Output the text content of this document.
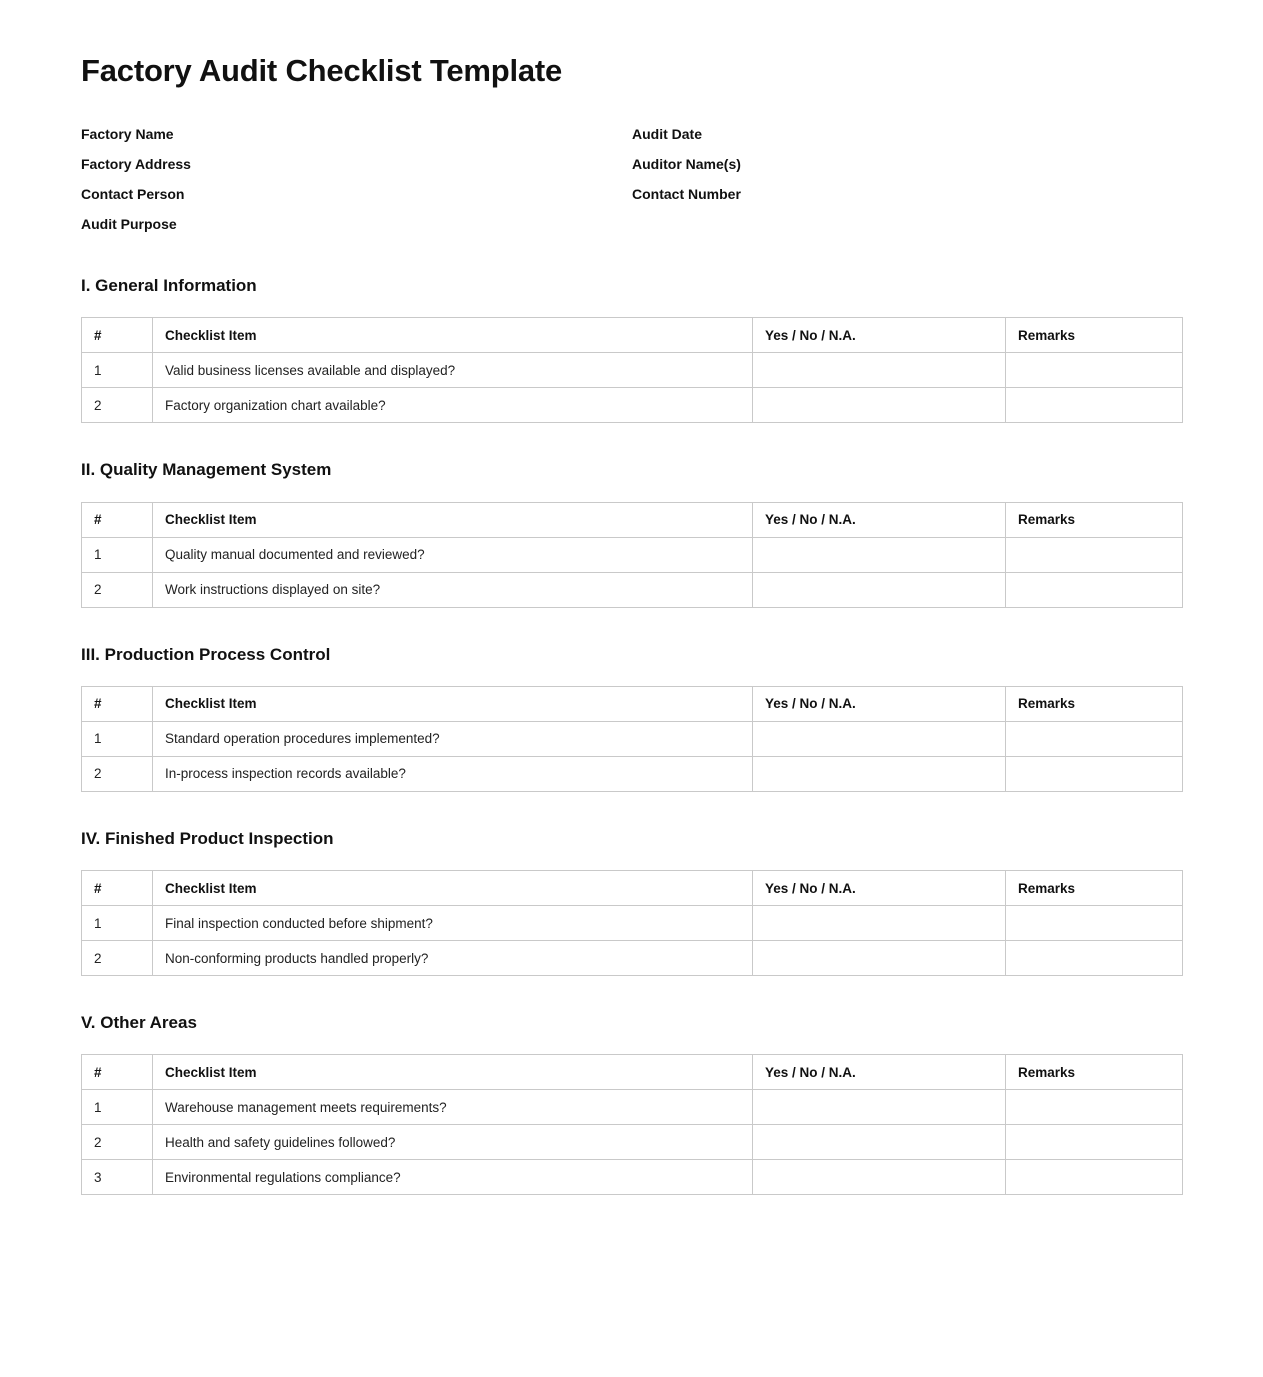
Factory Audit Checklist Template
Factory Name
Factory Address
Contact Person
Audit Purpose
Audit Date
Auditor Name(s)
Contact Number
I. General Information
#	Checklist Item	Yes / No / N.A.	Remarks
1	Valid business licenses available and displayed?		
2	Factory organization chart available?		
II. Quality Management System
#	Checklist Item	Yes / No / N.A.	Remarks
1	Quality manual documented and reviewed?		
2	Work instructions displayed on site?		
III. Production Process Control
#	Checklist Item	Yes / No / N.A.	Remarks
1	Standard operation procedures implemented?		
2	In-process inspection records available?		
IV. Finished Product Inspection
#	Checklist Item	Yes / No / N.A.	Remarks
1	Final inspection conducted before shipment?		
2	Non-conforming products handled properly?		
V. Other Areas
#	Checklist Item	Yes / No / N.A.	Remarks
1	Warehouse management meets requirements?		
2	Health and safety guidelines followed?		
3	Environmental regulations compliance?		
